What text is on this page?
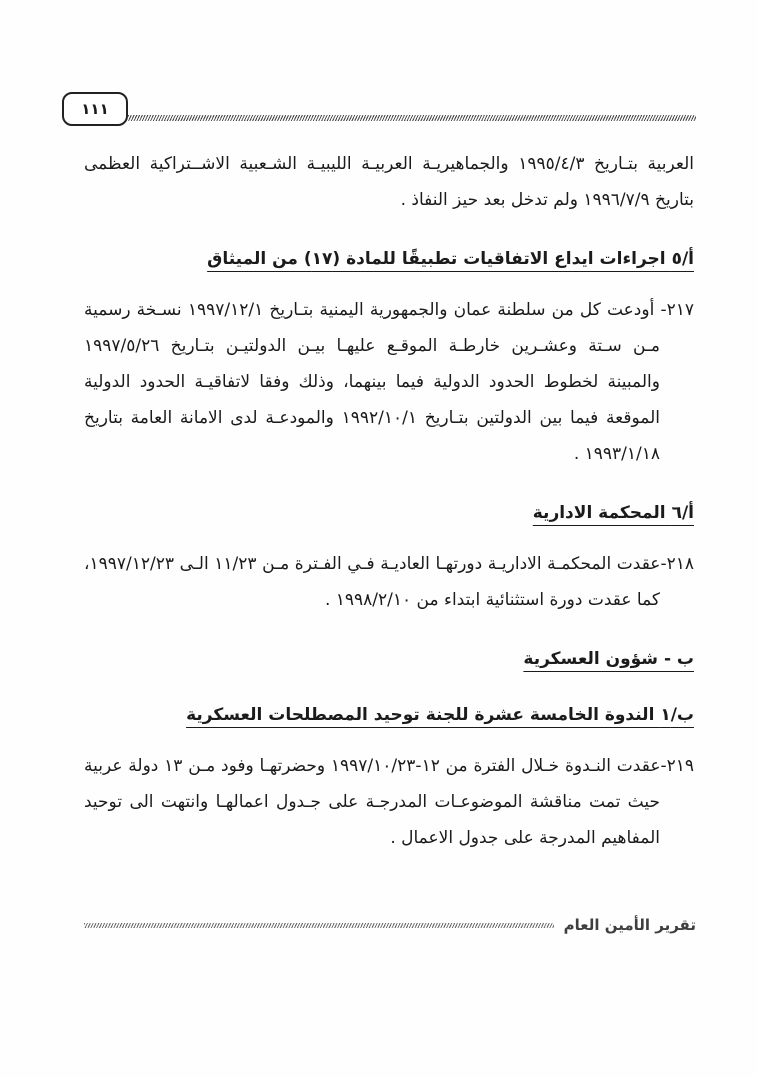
١١١

العربية بتـاريخ ١٩٩٥/٤/٣ والجماهيريـة العربيـة الليبيـة الشـعبية الاشــتراكية العظمى بتاريخ ١٩٩٦/٧/٩ ولم تدخل بعد حيز النفاذ .

أ/٥ اجراءات ايداع الاتفاقيات تطبيقًا للمادة (١٧) من الميثاق

٢١٧- أودعت كل من سلطنة عمان والجمهورية اليمنية بتـاريخ ١٩٩٧/١٢/١ نسـخة رسمية مـن سـتة وعشـرين خارطـة الموقـع عليهـا بيـن الدولتيـن بتـاريخ ١٩٩٧/٥/٢٦ والمبينة لخطوط الحدود الدولية فيما بينهما، وذلك وفقا لاتفاقيـة الحدود الدولية الموقعة فيما بين الدولتين بتـاريخ ١٩٩٢/١٠/١ والمودعـة لدى الامانة العامة بتاريخ ١٩٩٣/١/١٨ .

أ/٦ المحكمة الادارية

٢١٨-عقدت المحكمـة الاداريـة دورتهـا العاديـة فـي الفـترة مـن ١١/٢٣ الـى ١٩٩٧/١٢/٢٣، كما عقدت دورة استثنائية ابتداء من ١٩٩٨/٢/١٠ .

ب - شؤون العسكرية
ب/١ الندوة الخامسة عشرة للجنة توحيد المصطلحات العسكرية

٢١٩-عقدت النـدوة خـلال الفترة من ١٢-١٩٩٧/١٠/٢٣ وحضرتهـا وفود مـن ١٣ دولة عربية حيث تمت مناقشة الموضوعـات المدرجـة على جـدول اعمالهـا وانتهت الى توحيد المفاهيم المدرجة على جدول الاعمال .

تقرير الأمين العام
